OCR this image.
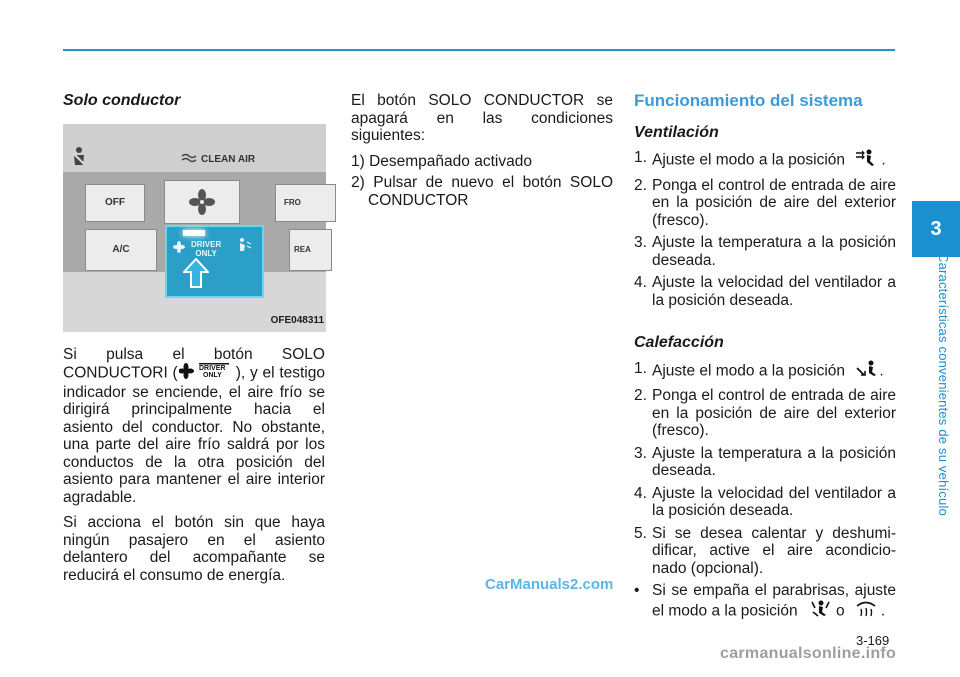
Solo conductor
CLEAN AIR
OFF	FRO
A/C	DRIVER
ONLY	REA
OFE048311

Si pulsa el botón SOLO CONDUCTORI (	DRIVER
ONLY ), y el testigo indicador se enciende, el aire frío se dirigirá principalmente hacia el asiento del conductor. No obstante, una parte del aire frío saldrá por los conductos de la otra posición del asiento para mantener el aire interior agradable.

Si acciona el botón sin que haya ningún pasajero en el asiento delantero del acompañante se reducirá el consumo de energía.

El botón SOLO CONDUCTOR se apagará en las condiciones siguientes:

1) Desempañado activado
2) Pulsar de nuevo el botón SOLO CONDUCTOR
Funcionamiento del sistema
Ventilación
1. Ajuste el modo a la posición .
2. Ponga el control de entrada de aire en la posición de aire del exterior (fresco).
3. Ajuste la temperatura a la posición deseada.
4. Ajuste la velocidad del ventilador a la posición deseada.
Calefacción
1. Ajuste el modo a la posición .
2. Ponga el control de entrada de aire en la posición de aire del exterior (fresco).
3. Ajuste la temperatura a la posición deseada.
4. Ajuste la velocidad del ventilador a la posición deseada.
5. Si se desea calentar y deshumi-dificar, active el aire acondicio-nado (opcional).
• Si se empaña el parabrisas, ajuste el modo a la posición o .
3
Características convenientes de su vehículo
3-169
CarManuals2.com
carmanualsonline.info
